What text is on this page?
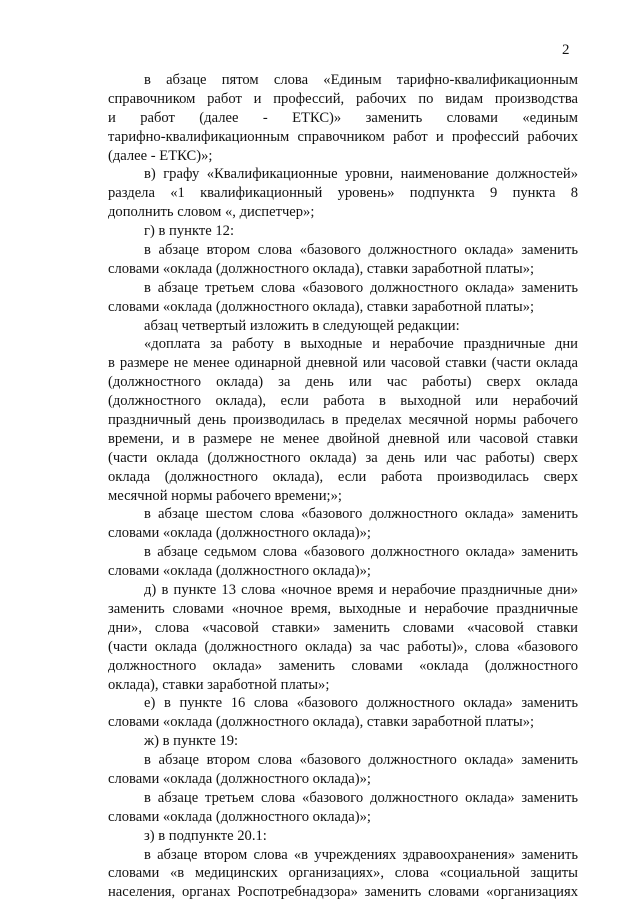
2
в абзаце пятом слова «Единым тарифно-квалификационным
справочником работ и профессий, рабочих по видам производства
и работ (далее - ЕТКС)» заменить словами «единым
тарифно-квалификационным справочником работ и профессий рабочих
(далее - ЕТКС)»;
в) графу «Квалификационные уровни, наименование должностей»
раздела «1 квалификационный уровень» подпункта 9 пункта 8
дополнить словом «, диспетчер»;
г) в пункте 12:
в абзаце втором слова «базового должностного оклада» заменить
словами «оклада (должностного оклада), ставки заработной платы»;
в абзаце третьем слова «базового должностного оклада» заменить
словами «оклада (должностного оклада), ставки заработной платы»;
абзац четвертый изложить в следующей редакции:
«доплата за работу в выходные и нерабочие праздничные дни
в размере не менее одинарной дневной или часовой ставки (части оклада
(должностного оклада) за день или час работы) сверх оклада
(должностного оклада), если работа в выходной или нерабочий
праздничный день производилась в пределах месячной нормы рабочего
времени, и в размере не менее двойной дневной или часовой ставки
(части оклада (должностного оклада) за день или час работы) сверх
оклада (должностного оклада), если работа производилась сверх
месячной нормы рабочего времени;»;
в абзаце шестом слова «базового должностного оклада» заменить
словами «оклада (должностного оклада)»;
в абзаце седьмом слова «базового должностного оклада» заменить
словами «оклада (должностного оклада)»;
д) в пункте 13 слова «ночное время и нерабочие праздничные дни»
заменить словами «ночное время, выходные и нерабочие праздничные
дни», слова «часовой ставки» заменить словами «часовой ставки
(части оклада (должностного оклада) за час работы)», слова «базового
должностного оклада» заменить словами «оклада (должностного
оклада), ставки заработной платы»;
е) в пункте 16 слова «базового должностного оклада» заменить
словами «оклада (должностного оклада), ставки заработной платы»;
ж) в пункте 19:
в абзаце втором слова «базового должностного оклада» заменить
словами «оклада (должностного оклада)»;
в абзаце третьем слова «базового должностного оклада» заменить
словами «оклада (должностного оклада)»;
з) в подпункте 20.1:
в абзаце втором слова «в учреждениях здравоохранения» заменить
словами «в медицинских организациях», слова «социальной защиты
населения, органах Роспотребнадзора» заменить словами «организациях
